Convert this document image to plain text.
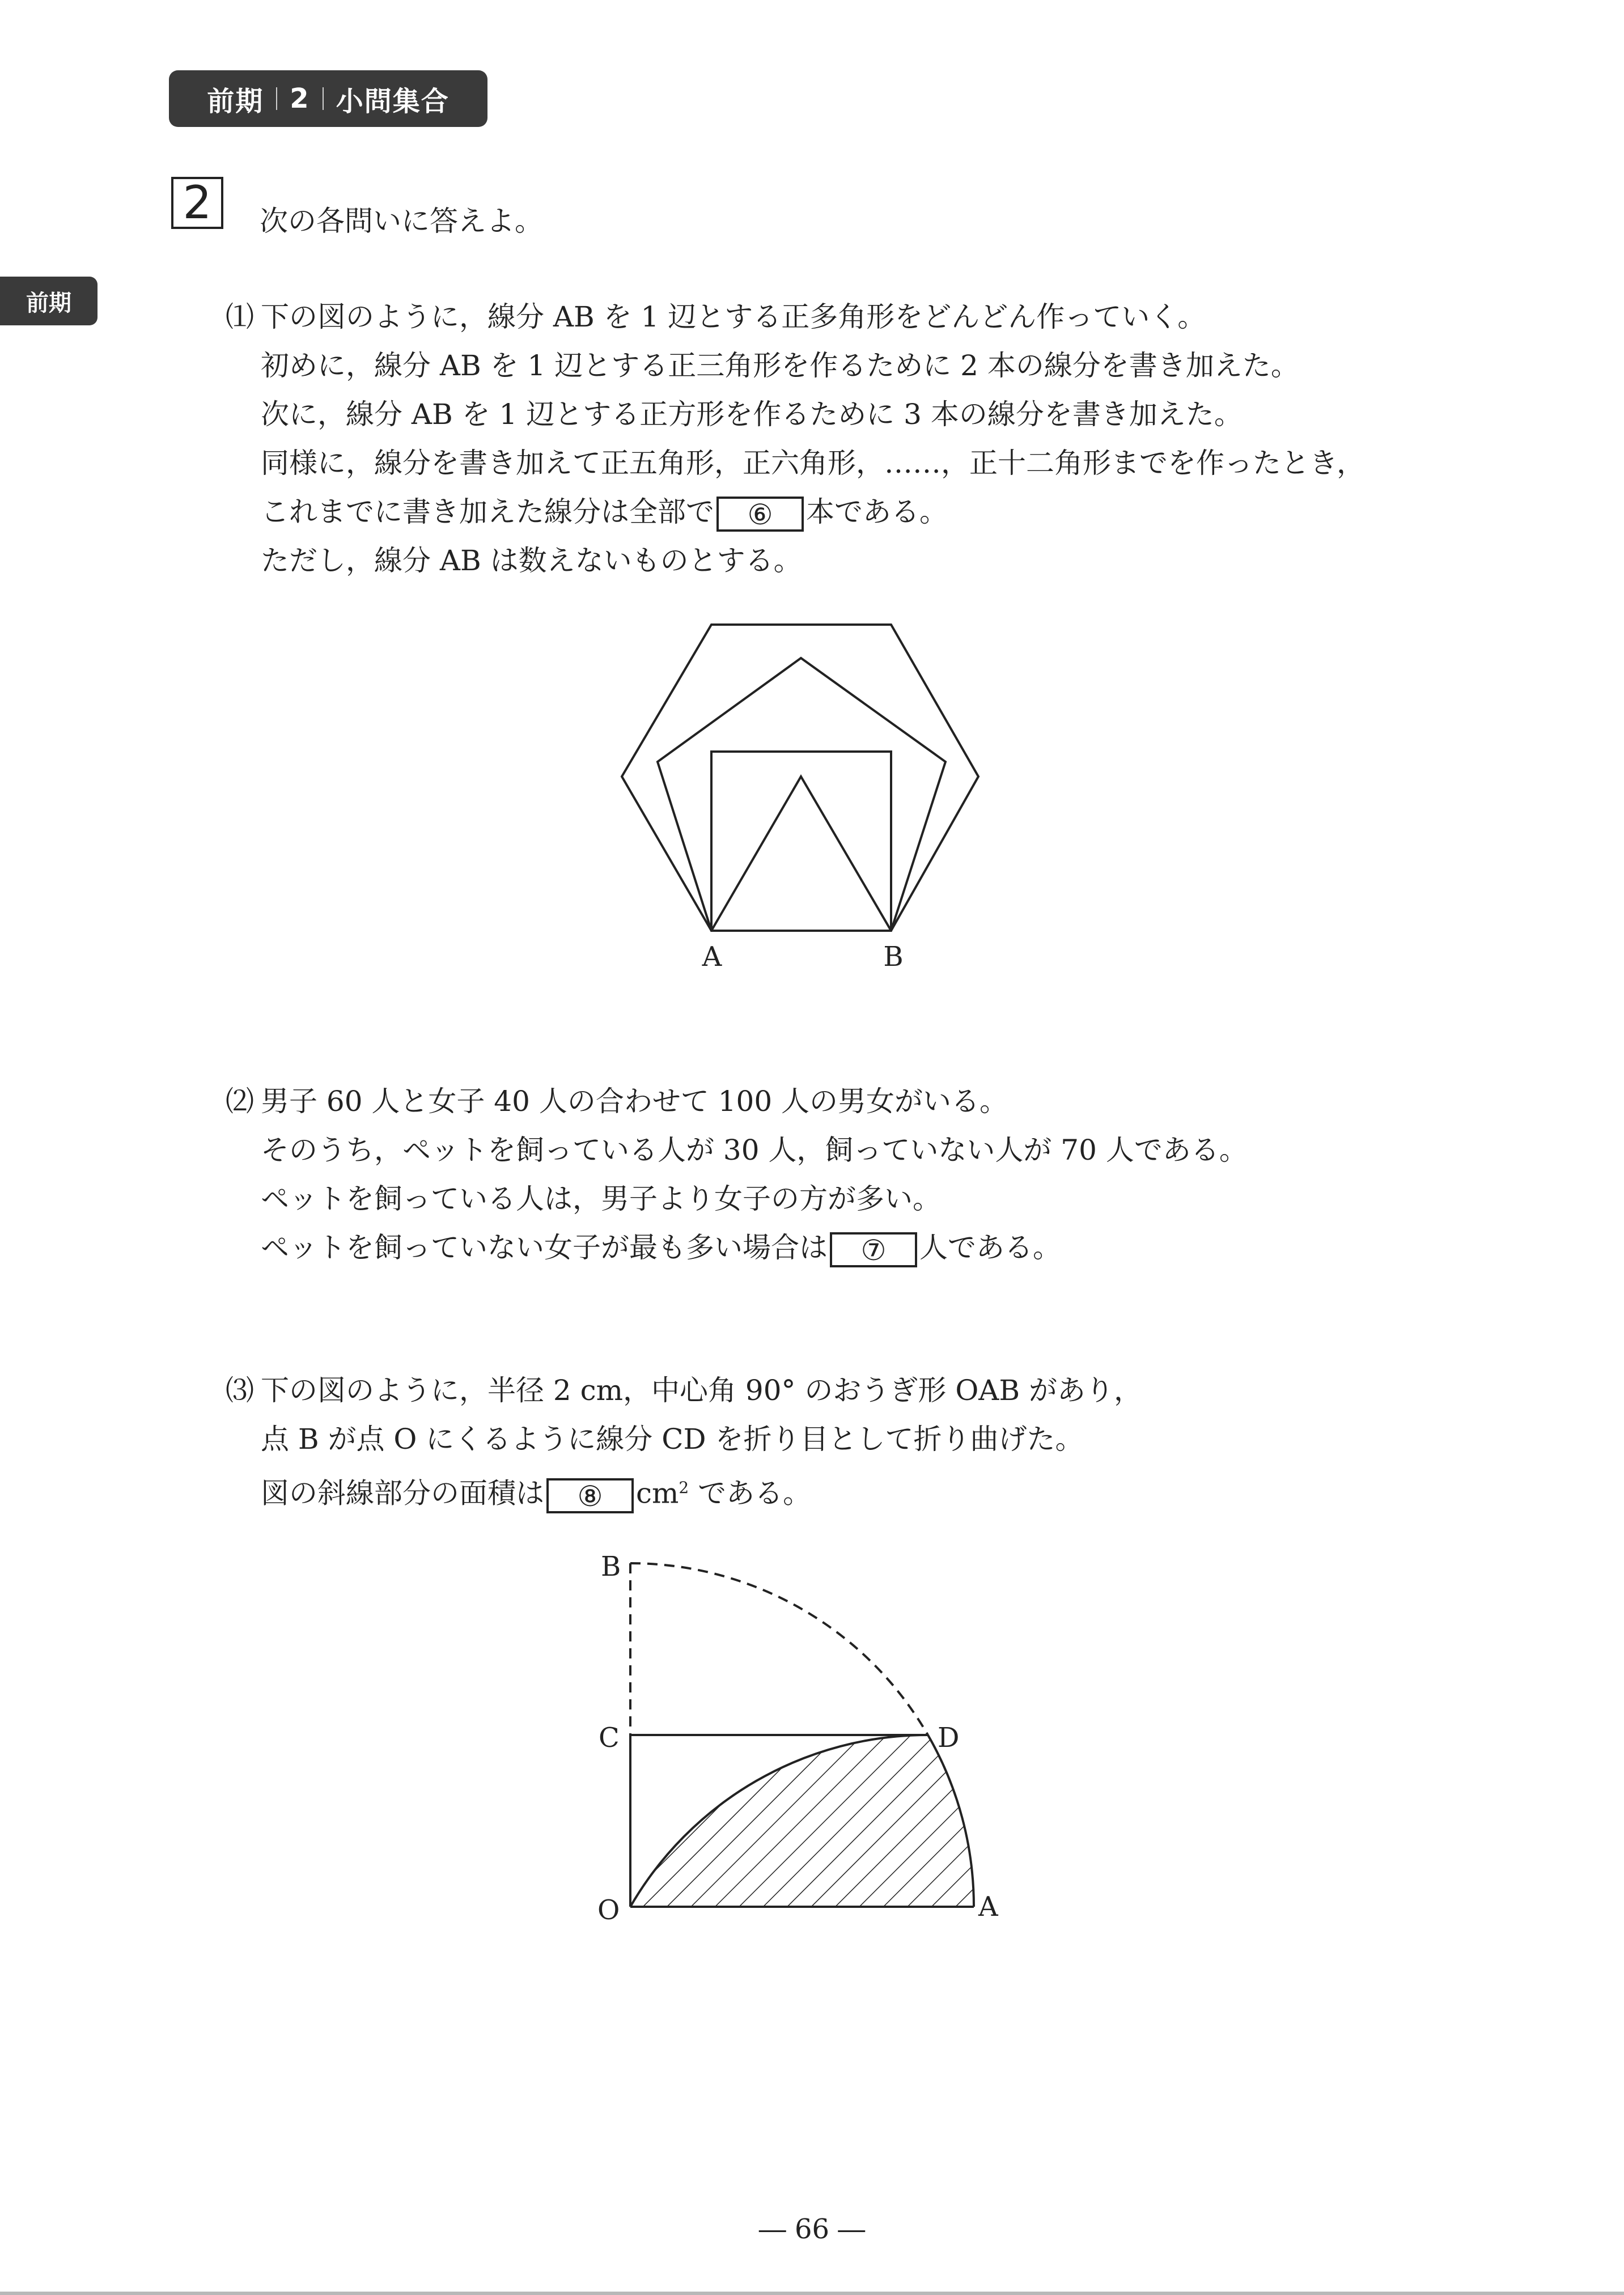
前期 2 小問集合
前期
2	次の各問いに答えよ。
⑴ 下の図のように，線分 AB を 1 辺とする正多角形をどんどん作っていく。
初めに，線分 AB を 1 辺とする正三角形を作るために 2 本の線分を書き加えた。
次に，線分 AB を 1 辺とする正方形を作るために 3 本の線分を書き加えた。
同様に，線分を書き加えて正五角形，正六角形，……，正十二角形までを作ったとき，
これまでに書き加えた線分は全部で ⑥ 本である。
ただし，線分 AB は数えないものとする。
A	B
⑵ 男子 60 人と女子 40 人の合わせて 100 人の男女がいる。
そのうち，ペットを飼っている人が 30 人，飼っていない人が 70 人である。
ペットを飼っている人は，男子より女子の方が多い。
ペットを飼っていない女子が最も多い場合は ⑦ 人である。
⑶ 下の図のように，半径 2 cm，中心角 90° のおうぎ形 OAB があり，
点 B が点 O にくるように線分 CD を折り目として折り曲げた。
図の斜線部分の面積は ⑧ $cm^2$ である。
B
C	D
O	A
― 66 ―
